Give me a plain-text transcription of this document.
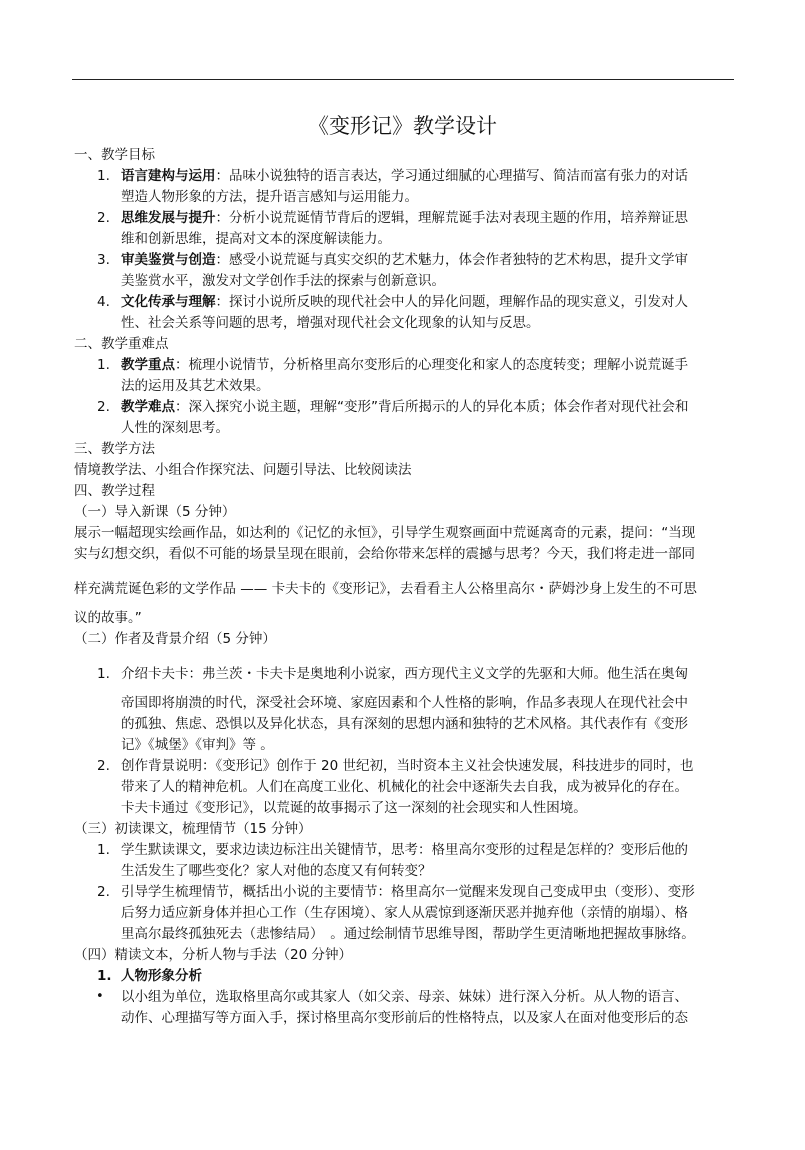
《变形记》教学设计
一、教学目标
1. 语言建构与运用：品味小说独特的语言表达，学习通过细腻的心理描写、简洁而富有张力的对话
塑造人物形象的方法，提升语言感知与运用能力。
2. 思维发展与提升：分析小说荒诞情节背后的逻辑，理解荒诞手法对表现主题的作用，培养辩证思
维和创新思维，提高对文本的深度解读能力。
3. 审美鉴赏与创造：感受小说荒诞与真实交织的艺术魅力，体会作者独特的艺术构思，提升文学审
美鉴赏水平，激发对文学创作手法的探索与创新意识。
4. 文化传承与理解：探讨小说所反映的现代社会中人的异化问题，理解作品的现实意义，引发对人
性、社会关系等问题的思考，增强对现代社会文化现象的认知与反思。
二、教学重难点
1. 教学重点：梳理小说情节，分析格里高尔变形后的心理变化和家人的态度转变；理解小说荒诞手
法的运用及其艺术效果。
2. 教学难点：深入探究小说主题，理解“变形”背后所揭示的人的异化本质；体会作者对现代社会和
人性的深刻思考。
三、教学方法
情境教学法、小组合作探究法、问题引导法、比较阅读法
四、教学过程
（一）导入新课（5 分钟）
展示一幅超现实绘画作品，如达利的《记忆的永恒》，引导学生观察画面中荒诞离奇的元素，提问：“当现
实与幻想交织，看似不可能的场景呈现在眼前，会给你带来怎样的震撼与思考？今天，我们将走进一部同
样充满荒诞色彩的文学作品 —— 卡夫卡的《变形记》，去看看主人公格里高尔・萨姆沙身上发生的不可思
议的故事。”
（二）作者及背景介绍（5 分钟）
1. 介绍卡夫卡：弗兰茨・卡夫卡是奥地利小说家，西方现代主义文学的先驱和大师。他生活在奥匈
帝国即将崩溃的时代，深受社会环境、家庭因素和个人性格的影响，作品多表现人在现代社会中
的孤独、焦虑、恐惧以及异化状态，具有深刻的思想内涵和独特的艺术风格。其代表作有《变形
记》《城堡》《审判》等 。
2. 创作背景说明：《变形记》创作于 20 世纪初，当时资本主义社会快速发展，科技进步的同时，也
带来了人的精神危机。人们在高度工业化、机械化的社会中逐渐失去自我，成为被异化的存在。
卡夫卡通过《变形记》，以荒诞的故事揭示了这一深刻的社会现实和人性困境。
（三）初读课文，梳理情节（15 分钟）
1. 学生默读课文，要求边读边标注出关键情节，思考：格里高尔变形的过程是怎样的？变形后他的
生活发生了哪些变化？家人对他的态度又有何转变？
2. 引导学生梳理情节，概括出小说的主要情节：格里高尔一觉醒来发现自己变成甲虫（变形）、变形
后努力适应新身体并担心工作（生存困境）、家人从震惊到逐渐厌恶并抛弃他（亲情的崩塌）、格
里高尔最终孤独死去（悲惨结局）　。通过绘制情节思维导图，帮助学生更清晰地把握故事脉络。
（四）精读文本，分析人物与手法（20 分钟）
1. 人物形象分析
• 以小组为单位，选取格里高尔或其家人（如父亲、母亲、妹妹）进行深入分析。从人物的语言、
动作、心理描写等方面入手，探讨格里高尔变形前后的性格特点，以及家人在面对他变形后的态
